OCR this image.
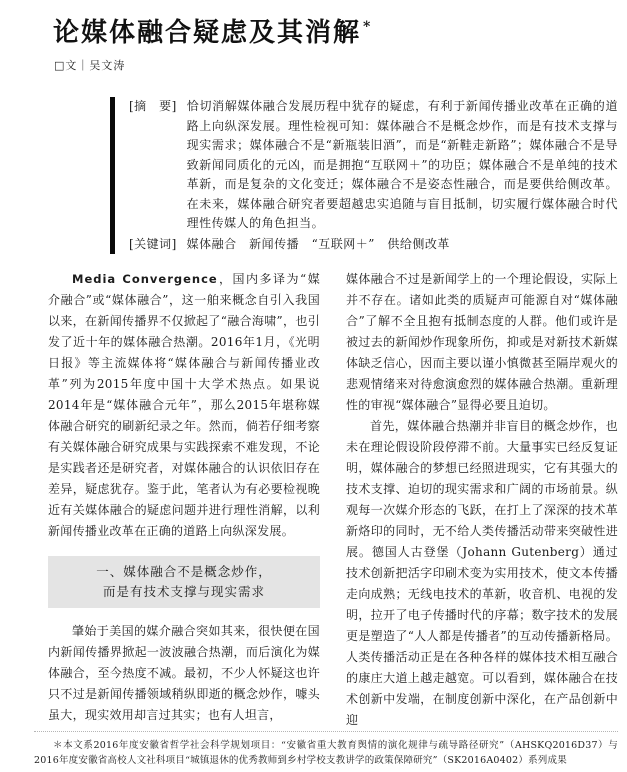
论媒体融合疑虑及其消解 *
□文｜吴文涛

[摘　要] 恰切消解媒体融合发展历程中犹存的疑虑，有利于新闻传播业改革在正确的道路上向纵深发展。理性检视可知：媒体融合不是概念炒作，而是有技术支撑与现实需求；媒体融合不是“新瓶装旧酒”，而是“新鞋走新路”；媒体融合不是导致新闻同质化的元凶，而是拥抱“互联网＋”的功臣；媒体融合不是单纯的技术革新，而是复杂的文化变迁；媒体融合不是姿态性融合，而是要供给侧改革。在未来，媒体融合研究者要超越忠实追随与盲目抵制，切实履行媒体融合时代理性传媒人的角色担当。

[关键词] 媒体融合　新闻传播　“互联网＋”　供给侧改革

Media Convergence，国内多译为“媒介融合”或“媒体融合”，这一舶来概念自引入我国以来，在新闻传播界不仅掀起了“融合海啸”，也引发了近十年的媒体融合热潮。2016年1月，《光明日报》等主流媒体将“媒体融合与新闻传播业改革”列为2015年度中国十大学术热点。如果说2014年是“媒体融合元年”，那么2015年堪称媒体融合研究的刷新纪录之年。然而，倘若仔细考察有关媒体融合研究成果与实践探索不难发现，不论是实践者还是研究者，对媒体融合的认识依旧存在差异，疑虑犹存。鉴于此，笔者认为有必要检视晚近有关媒体融合的疑虑问题并进行理性消解，以利新闻传播业改革在正确的道路上向纵深发展。

一、媒体融合不是概念炒作，
而是有技术支撑与现实需求

肇始于美国的媒介融合突如其来，很快便在国内新闻传播界掀起一波波融合热潮，而后演化为媒体融合，至今热度不减。最初，不少人怀疑这也许只不过是新闻传播领域稍纵即逝的概念炒作，噱头虽大，现实效用却言过其实；也有人坦言，

媒体融合不过是新闻学上的一个理论假设，实际上并不存在。诸如此类的质疑声可能源自对“媒体融合”了解不全且抱有抵制态度的人群。他们或许是被过去的新闻炒作现象所伤，抑或是对新技术新媒体缺乏信心，因而主要以谨小慎微甚至隔岸观火的悲观情绪来对待愈演愈烈的媒体融合热潮。重新理性的审视“媒体融合”显得必要且迫切。

首先，媒体融合热潮并非盲目的概念炒作，也未在理论假设阶段停滞不前。大量事实已经反复证明，媒体融合的梦想已经照进现实，它有其强大的技术支撑、迫切的现实需求和广阔的市场前景。纵观每一次媒介形态的飞跃，在打上了深深的技术革新烙印的同时，无不给人类传播活动带来突破性进展。德国人古登堡（Johann Gutenberg）通过技术创新把活字印刷术变为实用技术，使文本传播走向成熟；无线电技术的革新，收音机、电视的发明，拉开了电子传播时代的序幕；数字技术的发展更是塑造了“人人都是传播者”的互动传播新格局。人类传播活动正是在各种各样的媒体技术相互融合的康庄大道上越走越宽。可以看到，媒体融合在技术创新中发端，在制度创新中深化，在产品创新中迎

＊本文系2016年度安徽省哲学社会科学规划项目：“安徽省重大教育舆情的演化规律与疏导路径研究”（AHSKQ2016D37）与2016年度安徽省高校人文社科项目“城镇退休的优秀教师到乡村学校支教讲学的政策保障研究”（SK2016A0402）系列成果
